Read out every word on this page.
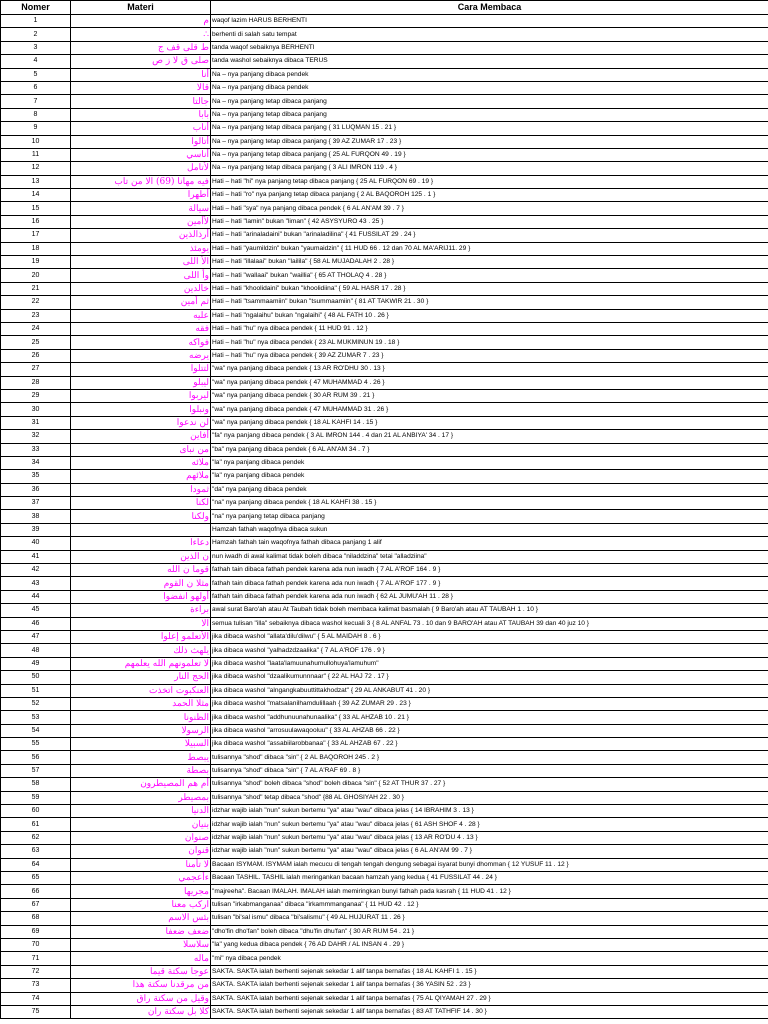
Nomer	Materi	Cara Membaca
1	م	waqof lazim HARUS BERHENTI
2	∴	berhenti di salah satu tempat
3	ط قلى قف ج	tanda waqof sebaiknya BERHENTI
4	صلى ق لا ز ص	tanda washol sebaiknya dibaca TERUS
5	أنا	Na – nya panjang dibaca pendek
6	قالا	Na – nya panjang dibaca pendek
7	جالتا	Na – nya panjang tetap dibaca panjang
8	بابا	Na – nya panjang tetap dibaca panjang
9	أناب	Na – nya panjang tetap dibaca panjang { 31 LUQMAN 15 . 21 }
10	أتالوا	Na – nya panjang tetap dibaca panjang { 39 AZ ZUMAR 17 . 23 }
11	أناسي	Na – nya panjang tetap dibaca panjang { 25 AL FURQON 49 . 19 }
12	لأتامل	Na – nya panjang tetap dibaca panjang { 3 ALI IMRON 119 . 4 }
13	فيه مهانا (69) الا من تاب	Hati – hati "hi" nya panjang tetap dibaca panjang { 25 AL FURQON 69 . 19 }
14	أطهرا	Hati – hati "ro" nya panjang tetap dibaca panjang { 2 AL BAQOROH 125 . 1 }
15	سيالة	Hati – hati "sya" nya panjang dibaca pendek { 6 AL AN'AM 39 . 7 }
16	لأأمين	Hati – hati "lamin" bukan "liman" { 42 ASYSYURO 43 . 25 }
17	أرذالذين	Hati – hati "arinaladaini" bukan "arinaladilina" { 41 FUSSILAT 29 . 24 }
18	يومئذ	Hati – hati "yaumildzin" bukan "yaumaidzin" { 11 HUD 66 . 12 dan 70 AL MA'ARIJ11. 29 }
19	الأ اللى	Hati – hati "illalaai" bukan "lailila" { 58 AL MUJADALAH 2 . 28 }
20	وأ اللى	Hati – hati "wallaai" bukan "waillia" { 65 AT THOLAQ 4 . 28 }
21	خالدين	Hati – hati "khoolidaini" bukan "khoolidiina" { 59 AL HASR 17 . 28 }
22	ثم أمين	Hati – hati "tsammaamiin" bukan "tsummaamiin" { 81 AT TAKWIR 21 . 30 }
23	عليه	Hati – hati "ngalaihu" bukan "ngalaihi" { 48 AL FATH 10 . 26 }
24	فقه	Hati – hati "hu" nya dibaca pendek { 11 HUD 91 . 12 }
25	فواكه	Hati – hati "hu" nya dibaca pendek { 23 AL MUKMINUN 19 . 18 }
26	يرضه	Hati – hati "hu" nya dibaca pendek { 39 AZ ZUMAR 7 . 23 }
27	لتتلوا	"wa" nya panjang dibaca pendek { 13 AR RO'DHU 30 . 13 }
28	ليبلو	"wa" nya panjang dibaca pendek { 47 MUHAMMAD 4 . 26 }
29	ليربوا	"wa" nya panjang dibaca pendek { 30 AR RUM 39 . 21 }
30	ونبلوا	"wa" nya panjang dibaca pendek { 47 MUHAMMAD 31 . 26 }
31	لن ندعوا	"wa" nya panjang dibaca pendek { 18 AL KAHFI 14 . 15 }
32	أفاين	"fa" nya panjang dibaca pendek { 3 AL IMRON 144 . 4 dan 21 AL ANBIYA' 34 . 17 }
33	من نباى	"ba" nya panjang dibaca pendek { 6 AL AN'AM 34 . 7 }
34	ملائه	"la" nya panjang dibaca pendek
35	ملائهم	"la" nya panjang dibaca pendek
36	ثمودا	"da" nya panjang dibaca pendek
37	لكنا	"na" nya panjang dibaca pendek { 18 AL KAHFI 38 . 15 }
38	ولكنا	"na" nya panjang tetap dibaca panjang
39		Hamzah fathah waqofnya dibaca sukun
40	دعاءا	Hamzah fathah tain waqofnya fathah dibaca panjang 1 alif
41	ن الذين	nun iwadh di awal kalimat tidak boleh dibaca "niladdzina" tetai "alladziina"
42	قوما ن الله	fathah tain dibaca fathah pendek karena ada nun iwadh { 7 AL A'ROF 164 . 9 }
43	مثلا ن القوم	fathah tain dibaca fathah pendek karena ada nun iwadh { 7 AL A'ROF 177 . 9 }
44	أولهو انفضوا	fathah tain dibaca fathah pendek karena ada nun iwadh { 62 AL JUMU'AH 11 . 28 }
45	براءة	awal surat Baro'ah atau At Taubah tidak boleh membaca kalimat basmalah { 9 Baro'ah atau AT TAUBAH 1 . 10 }
46	الا	semua tulisan "illa" sebaiknya dibaca washol kecuali 3 { 8 AL ANFAL 73 . 10 dan 9 BARO'AH atau AT TAUBAH 39 dan 40 juz 10 }
47	الأتعلمو إعلوا	jika dibaca washol "allata'dilu'dilwu" { 5 AL MAIDAH 8 . 6 }
48	يلهث ذلك	jika dibaca washol "yalhadzdzaalika" { 7 AL A'ROF 176 . 9 }
49	لا تعلمونهم الله يعلمهم	jika dibaca washol "laata'lamuunahumullohuya'lamuhum"
50	الحج النار	jika dibaca washol "dzaalikumunnnaar" { 22 AL HAJ 72 . 17 }
51	العنكبوت اتخذت	jika dibaca washol "alngangkabuuttittakhodzat" { 29 AL ANKABUT 41 . 20 }
52	مثلا الحمد	jika dibaca washol "matsalanilhamdulillaah { 39 AZ ZUMAR 29 . 23 }
53	الظنونا	jika dibaca washol "addhunuunahunaalika" { 33 AL AHZAB 10 . 21 }
54	الرسولا	jika dibaca washol "arrosuulawaqooluu" { 33 AL AHZAB 66 . 22 }
55	السبيلا	jika dibaca washol "assabiilarobbanaa" { 33 AL AHZAB 67 . 22 }
56	يبصط	tulisannya "shod" dibaca "sin" { 2 AL BAQOROH 245 . 2 }
57	بصطة	tulisannya "shod" dibaca "sin" { 7 AL A'RAF 69 . 8 }
58	أم هم المصيطرون	tulisannya "shod" boleh dibaca "shod" boleh dibaca "sin" { 52 AT THUR 37 . 27 }
59	بمصيطر	tulisannya "shod" tetap dibaca "shod" {88 AL GHOSIYAH 22 . 30 }
60	الدنيا	idzhar wajib ialah "nun" sukun bertemu "ya" atau "wau" dibaca jelas { 14 IBRAHIM 3 . 13 }
61	بنيان	idzhar wajib ialah "nun" sukun bertemu "ya" atau "wau" dibaca jelas { 61 ASH SHOF 4 . 28 }
62	صنوان	idzhar wajib ialah "nun" sukun bertemu "ya" atau "wau" dibaca jelas { 13 AR RO'DU 4 . 13 }
63	قنوان	idzhar wajib ialah "nun" sukun bertemu "ya" atau "wau" dibaca jelas { 6 AL AN'AM 99 . 7 }
64	لا تأمنا	Bacaan ISYMAM. ISYMAM ialah mecucu di tengah tengah dengung sebagai isyarat bunyi dhomman { 12 YUSUF 11 . 12 }
65	ءأعجمي	Bacaan TASHIL. TASHIL ialah meringankan bacaan hamzah yang kedua { 41 FUSSILAT 44 . 24 }
66	مجريها	"majreeha". Bacaan IMALAH. IMALAH ialah memiringkan bunyi fathah pada kasrah { 11 HUD 41 . 12 }
67	اركب معنا	tulisan "irkabmanganaa" dibaca "irkammmanganaa" { 11 HUD 42 . 12 }
68	بئس الاسم	tulisan "bi'sal ismu" dibaca "bi'salismu" { 49 AL HUJURAT 11 . 26 }
69	ضعف ضعفا	"dho'fin dho'fan" boleh dibaca "dhu'fin dhu'fan" { 30 AR RUM 54 . 21 }
70	سلاسلا	"la" yang kedua dibaca pendek { 76 AD DAHR / AL INSAN 4 . 29 }
71	ماله	"mi" nya dibaca pendek
72	عوجا سكتة قيما	SAKTA. SAKTA ialah berhenti sejenak sekedar 1 alif tanpa bernafas { 18 AL KAHFI 1 . 15 }
73	من مرقدنا سكتة هذا	SAKTA. SAKTA ialah berhenti sejenak sekedar 1 alif tanpa bernafas { 36 YASIN 52 . 23 }
74	وقيل من سكتة راق	SAKTA. SAKTA ialah berhenti sejenak sekedar 1 alif tanpa bernafas { 75 AL QIYAMAH 27 . 29 }
75	كلا بل سكتة ران	SAKTA. SAKTA ialah berhenti sejenak sekedar 1 alif tanpa bernafas { 83 AT TATHFIF 14 . 30 }
